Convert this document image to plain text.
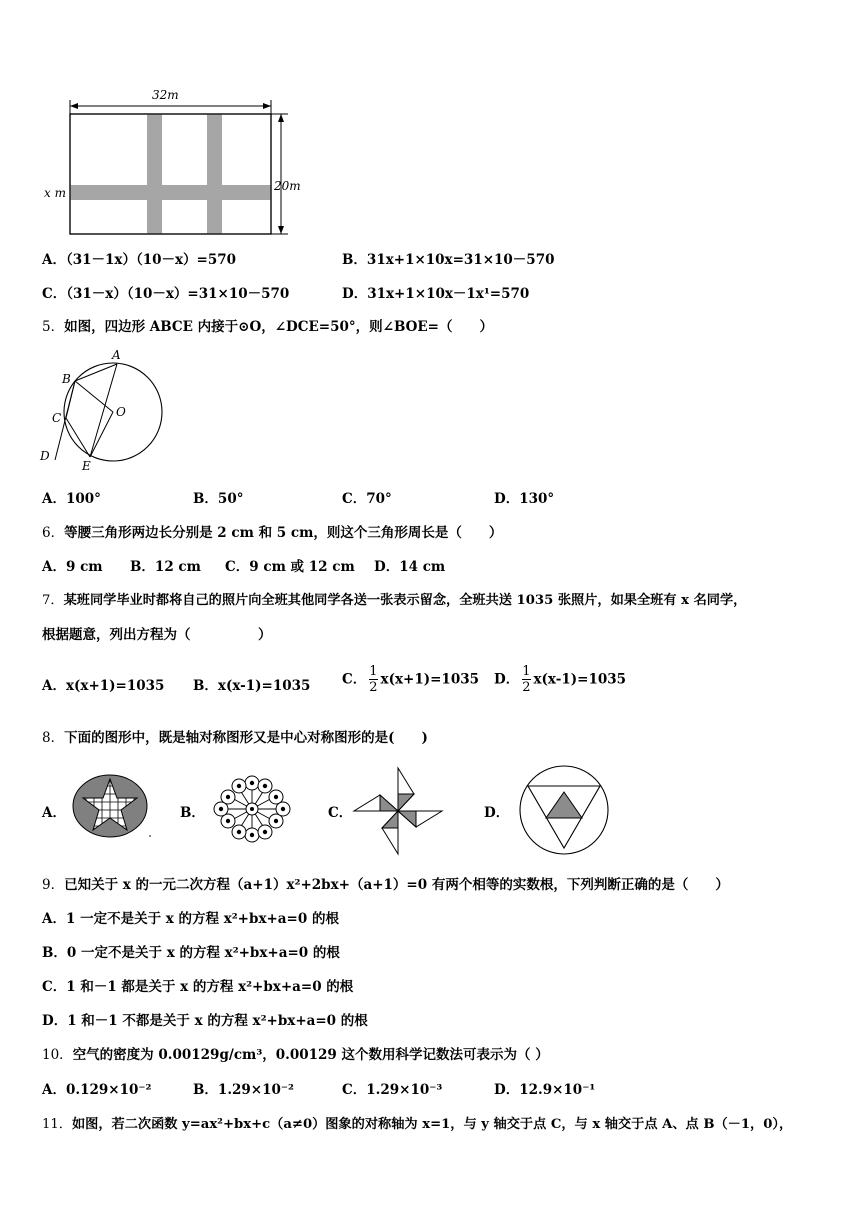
32m
20m
x m
A．（31－1x）（10－x）=570	B．31x+1×10x=31×10－570
C．（31－x）（10－x）=31×10－570	D．31x+1×10x－1x¹=570
5．如图，四边形 ABCE 内接于⊙O，∠DCE=50°，则∠BOE=（　　）
A
B
C
D
E
O
A．100°	B．50°	C．70°	D．130°
6．等腰三角形两边长分别是 2 cm 和 5 cm，则这个三角形周长是（　　）
A．9 cm B．12 cm C．9 cm 或 12 cm D．14 cm
7．某班同学毕业时都将自己的照片向全班其他同学各送一张表示留念，全班共送 1035 张照片，如果全班有 x 名同学，
根据题意，列出方程为（　　　　　）
A．x(x+1)=1035 B．x(x-1)=1035 C． $\frac{1}{2} x(x+1)=1035$ D． $\frac{1}{2} x(x-1)=1035$
8．下面的图形中，既是轴对称图形又是中心对称图形的是(　　)
A．	B．	C．	D．
9．已知关于 x 的一元二次方程（a+1）x²+2bx+（a+1）=0 有两个相等的实数根，下列判断正确的是（　　）
A．1 一定不是关于 x 的方程 x²+bx+a=0 的根
B．0 一定不是关于 x 的方程 x²+bx+a=0 的根
C．1 和－1 都是关于 x 的方程 x²+bx+a=0 的根
D．1 和－1 不都是关于 x 的方程 x²+bx+a=0 的根
10．空气的密度为 0.00129g/cm³，0.00129 这个数用科学记数法可表示为（ ）
A．0.129×10⁻²	B．1.29×10⁻²	C．1.29×10⁻³	D．12.9×10⁻¹
11．如图，若二次函数 y=ax²+bx+c（a≠0）图象的对称轴为 x=1，与 y 轴交于点 C，与 x 轴交于点 A、点 B（－1，0），
